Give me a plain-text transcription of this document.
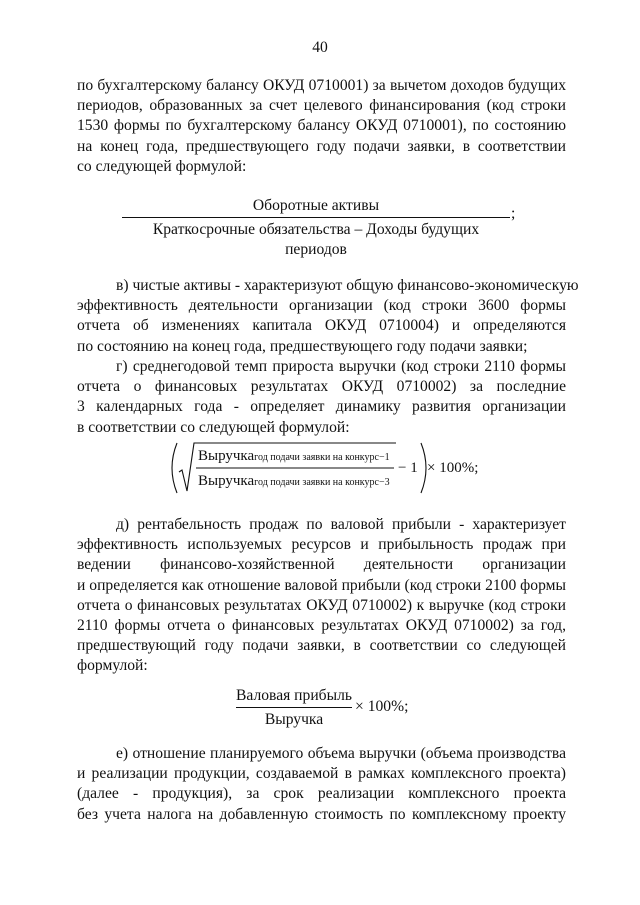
40

по бухгалтерскому балансу ОКУД 0710001) за вычетом доходов будущих
периодов, образованных за счет целевого финансирования (код строки
1530 формы по бухгалтерскому балансу ОКУД 0710001), по состоянию
на конец года, предшествующего году подачи заявки, в соответствии
со следующей формулой:

Оборотные активы
Краткосрочные обязательства – Доходы будущих периодов
;

в) чистые активы - характеризуют общую финансово-экономическую
эффективность деятельности организации (код строки 3600 формы
отчета об изменениях капитала ОКУД 0710004) и определяются
по состоянию на конец года, предшествующего году подачи заявки;

г) среднегодовой темп прироста выручки (код строки 2110 формы
отчета о финансовых результатах ОКУД 0710002) за последние
3 календарных года - определяет динамику развития организации
в соответствии со следующей формулой:

Выручкагод подачи заявки на конкурс−1
Выручкагод подачи заявки на конкурс−3
− 1 × 100%;

д) рентабельность продаж по валовой прибыли - характеризует
эффективность используемых ресурсов и прибыльность продаж при
ведении финансово-хозяйственной деятельности организации
и определяется как отношение валовой прибыли (код строки 2100 формы
отчета о финансовых результатах ОКУД 0710002) к выручке (код строки
2110 формы отчета о финансовых результатах ОКУД 0710002) за год,
предшествующий году подачи заявки, в соответствии со следующей
формулой:

Валовая прибыль
Выручка
× 100%;

е) отношение планируемого объема выручки (объема производства
и реализации продукции, создаваемой в рамках комплексного проекта)
(далее - продукция), за срок реализации комплексного проекта
без учета налога на добавленную стоимость по комплексному проекту
